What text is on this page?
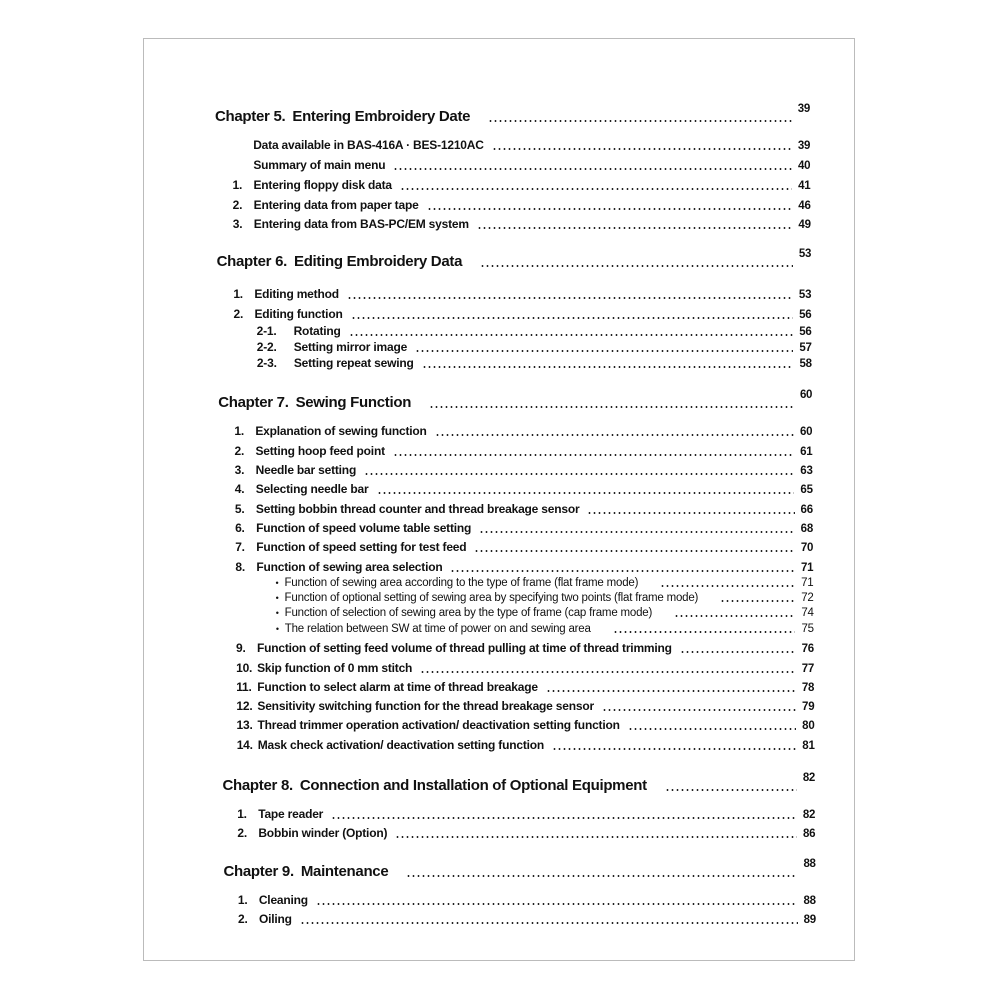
Chapter 5. Entering Embroidery Date	39
Data available in BAS-416A · BES-1210AC	39
Summary of main menu	40
1. Entering floppy disk data	41
2. Entering data from paper tape	46
3. Entering data from BAS-PC/EM system	49
Chapter 6. Editing Embroidery Data	53
1. Editing method	53
2. Editing function	56
2-1.	Rotating	56
2-2.	Setting mirror image	57
2-3.	Setting repeat sewing	58
Chapter 7. Sewing Function	60
1. Explanation of sewing function	60
2. Setting hoop feed point	61
3. Needle bar setting	63
4. Selecting needle bar	65
5. Setting bobbin thread counter and thread breakage sensor	66
6. Function of speed volume table setting	68
7. Function of speed setting for test feed	70
8. Function of sewing area selection	71
• Function of sewing area according to the type of frame (flat frame mode)	71
• Function of optional setting of sewing area by specifying two points (flat frame mode)	72
• Function of selection of sewing area by the type of frame (cap frame mode)	74
• The relation between SW at time of power on and sewing area	75
9. Function of setting feed volume of thread pulling at time of thread trimming	76
10. Skip function of 0 mm stitch	77
11. Function to select alarm at time of thread breakage	78
12. Sensitivity switching function for the thread breakage sensor	79
13. Thread trimmer operation activation/ deactivation setting function	80
14. Mask check activation/ deactivation setting function	81
Chapter 8. Connection and Installation of Optional Equipment	82
1. Tape reader	82
2. Bobbin winder (Option)	86
Chapter 9. Maintenance	88
1. Cleaning	88
2. Oiling	89
